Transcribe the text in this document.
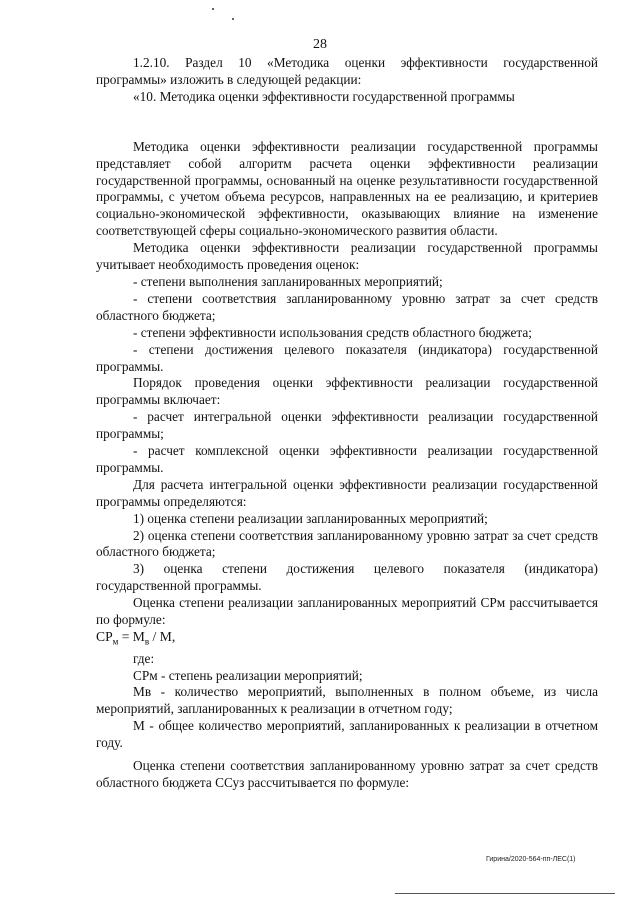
28

1.2.10. Раздел 10 «Методика оценки эффективности государственной программы» изложить в следующей редакции:

«10. Методика оценки эффективности государственной программы

Методика оценки эффективности реализации государственной программы представляет собой алгоритм расчета оценки эффективности реализации государственной программы, основанный на оценке результативности государственной программы, с учетом объема ресурсов, направленных на ее реализацию, и критериев социально-экономической эффективности, оказывающих влияние на изменение соответствующей сферы социально-экономического развития области.

Методика оценки эффективности реализации государственной программы учитывает необходимость проведения оценок:

- степени выполнения запланированных мероприятий;

- степени соответствия запланированному уровню затрат за счет средств областного бюджета;

- степени эффективности использования средств областного бюджета;

- степени достижения целевого показателя (индикатора) государственной программы.

Порядок проведения оценки эффективности реализации государственной программы включает:

- расчет интегральной оценки эффективности реализации государственной программы;

- расчет комплексной оценки эффективности реализации государственной программы.

Для расчета интегральной оценки эффективности реализации государственной программы определяются:

1) оценка степени реализации запланированных мероприятий;

2) оценка степени соответствия запланированному уровню затрат за счет средств областного бюджета;

3) оценка степени достижения целевого показателя (индикатора) государственной программы.

Оценка степени реализации запланированных мероприятий СРм рассчитывается по формуле:

$СР_м = М_в / М$,

где:

СРм - степень реализации мероприятий;

Мв - количество мероприятий, выполненных в полном объеме, из числа мероприятий, запланированных к реализации в отчетном году;

М - общее количество мероприятий, запланированных к реализации в отчетном году.

Оценка степени соответствия запланированному уровню затрат за счет средств областного бюджета ССуз рассчитывается по формуле:

Гирина/2020-564-пп-ЛЕС(1)
